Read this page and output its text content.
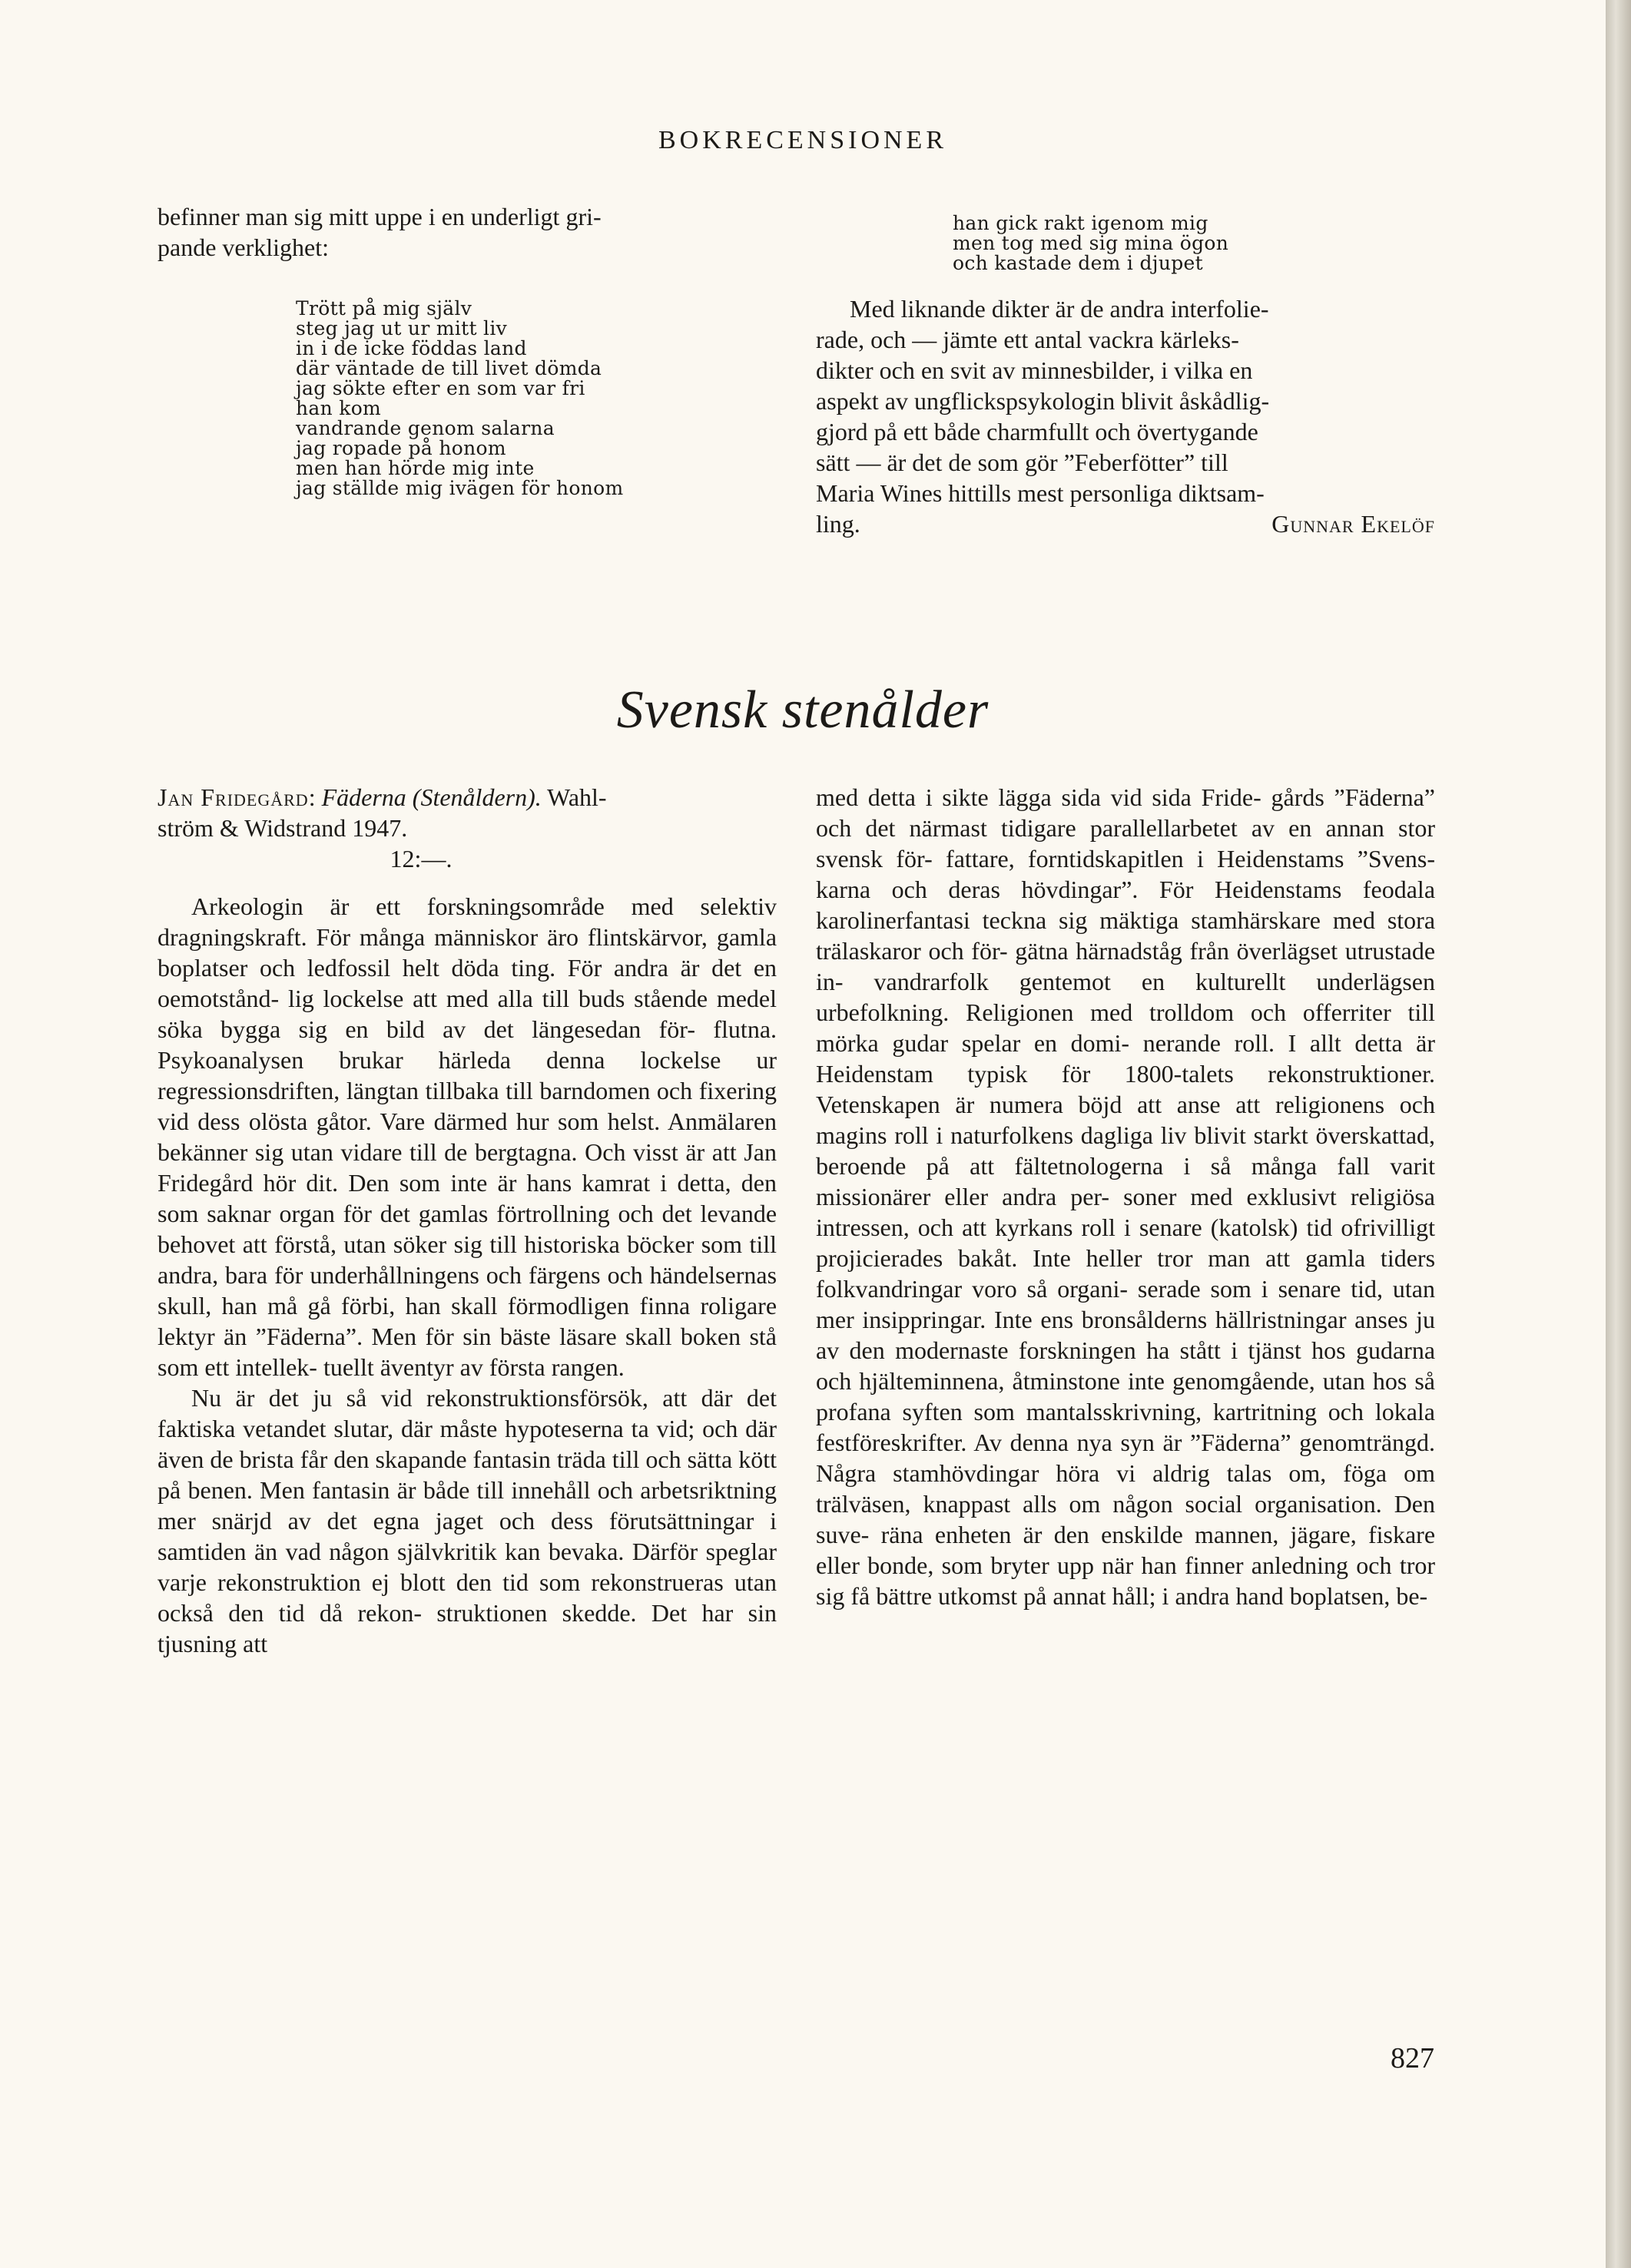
BOKRECENSIONER

befinner man sig mitt uppe i en underligt gri-
pande verklighet:

Trött på mig själv
steg jag ut ur mitt liv
in i de icke föddas land
där väntade de till livet dömda
jag sökte efter en som var fri
han kom
vandrande genom salarna
jag ropade på honom
men han hörde mig inte
jag ställde mig ivägen för honom
han gick rakt igenom mig
men tog med sig mina ögon
och kastade dem i djupet

Med liknande dikter är de andra interfolie-
rade, och — jämte ett antal vackra kärleks-
dikter och en svit av minnesbilder, i vilka en
aspekt av ungflickspsykologin blivit åskådlig-
gjord på ett både charmfullt och övertygande
sätt — är det de som gör ”Feberfötter” till
Maria Wines hittills mest personliga diktsam-
ling.	Gunnar Ekelöf

Svensk stenålder

Jan Fridegård: Fäderna (Stenåldern). Wahl-
ström & Widstrand 1947.
12:—.

Arkeologin är ett forskningsområde med selektiv dragningskraft. För många människor äro flintskärvor, gamla boplatser och ledfossil helt döda ting. För andra är det en oemotstånd- lig lockelse att med alla till buds stående medel söka bygga sig en bild av det längesedan för- flutna. Psykoanalysen brukar härleda denna lockelse ur regressionsdriften, längtan tillbaka till barndomen och fixering vid dess olösta gåtor. Vare därmed hur som helst. Anmälaren bekänner sig utan vidare till de bergtagna. Och visst är att Jan Fridegård hör dit. Den som inte är hans kamrat i detta, den som saknar organ för det gamlas förtrollning och det levande behovet att förstå, utan söker sig till historiska böcker som till andra, bara för underhållningens och färgens och händelsernas skull, han må gå förbi, han skall förmodligen finna roligare lektyr än ”Fäderna”. Men för sin bäste läsare skall boken stå som ett intellek- tuellt äventyr av första rangen.

Nu är det ju så vid rekonstruktionsförsök, att där det faktiska vetandet slutar, där måste hypoteserna ta vid; och där även de brista får den skapande fantasin träda till och sätta kött på benen. Men fantasin är både till innehåll och arbetsriktning mer snärjd av det egna jaget och dess förutsättningar i samtiden än vad någon självkritik kan bevaka. Därför speglar varje rekonstruktion ej blott den tid som rekonstrueras utan också den tid då rekon- struktionen skedde. Det har sin tjusning att

med detta i sikte lägga sida vid sida Fride- gårds ”Fäderna” och det närmast tidigare parallellarbetet av en annan stor svensk för- fattare, forntidskapitlen i Heidenstams ”Svens- karna och deras hövdingar”. För Heidenstams feodala karolinerfantasi teckna sig mäktiga stamhärskare med stora trälaskaror och för- gätna härnadståg från överlägset utrustade in- vandrarfolk gentemot en kulturellt underlägsen urbefolkning. Religionen med trolldom och offerriter till mörka gudar spelar en domi- nerande roll. I allt detta är Heidenstam typisk för 1800-talets rekonstruktioner. Vetenskapen är numera böjd att anse att religionens och magins roll i naturfolkens dagliga liv blivit starkt överskattad, beroende på att fältetnologerna i så många fall varit missionärer eller andra per- soner med exklusivt religiösa intressen, och att kyrkans roll i senare (katolsk) tid ofrivilligt projicierades bakåt. Inte heller tror man att gamla tiders folkvandringar voro så organi- serade som i senare tid, utan mer insippringar. Inte ens bronsålderns hällristningar anses ju av den modernaste forskningen ha stått i tjänst hos gudarna och hjälteminnena, åtminstone inte genomgående, utan hos så profana syften som mantalsskrivning, kartritning och lokala festföreskrifter. Av denna nya syn är ”Fäderna” genomträngd. Några stamhövdingar höra vi aldrig talas om, föga om trälväsen, knappast alls om någon social organisation. Den suve- räna enheten är den enskilde mannen, jägare, fiskare eller bonde, som bryter upp när han finner anledning och tror sig få bättre utkomst på annat håll; i andra hand boplatsen, be-

827
